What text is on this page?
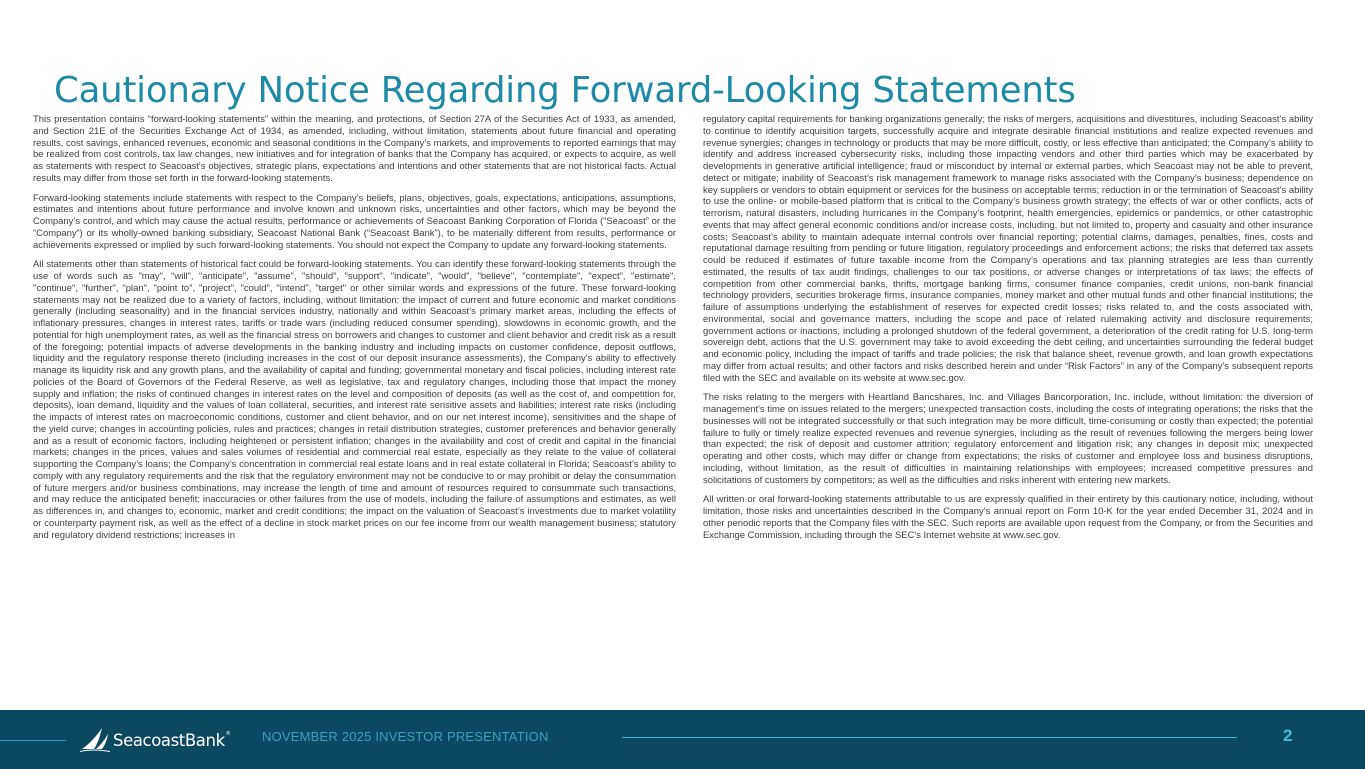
Cautionary Notice Regarding Forward-Looking Statements

This presentation contains “forward-looking statements” within the meaning, and protections, of Section 27A of the Securities Act of 1933, as amended, and Section 21E of the Securities Exchange Act of 1934, as amended, including, without limitation, statements about future financial and operating results, cost savings, enhanced revenues, economic and seasonal conditions in the Company’s markets, and improvements to reported earnings that may be realized from cost controls, tax law changes, new initiatives and for integration of banks that the Company has acquired, or expects to acquire, as well as statements with respect to Seacoast's objectives, strategic plans, expectations and intentions and other statements that are not historical facts. Actual results may differ from those set forth in the forward-looking statements.

Forward-looking statements include statements with respect to the Company’s beliefs, plans, objectives, goals, expectations, anticipations, assumptions, estimates and intentions about future performance and involve known and unknown risks, uncertainties and other factors, which may be beyond the Company’s control, and which may cause the actual results, performance or achievements of Seacoast Banking Corporation of Florida (“Seacoast” or the “Company”) or its wholly-owned banking subsidiary, Seacoast National Bank (“Seacoast Bank”), to be materially different from results, performance or achievements expressed or implied by such forward-looking statements. You should not expect the Company to update any forward-looking statements.

All statements other than statements of historical fact could be forward-looking statements. You can identify these forward-looking statements through the use of words such as "may", "will", "anticipate", "assume", "should", "support", "indicate", "would", "believe", "contemplate", "expect", "estimate", "continue", "further", "plan", "point to", "project", "could", "intend", "target" or other similar words and expressions of the future. These forward-looking statements may not be realized due to a variety of factors, including, without limitation: the impact of current and future economic and market conditions generally (including seasonality) and in the financial services industry, nationally and within Seacoast’s primary market areas, including the effects of inflationary pressures, changes in interest rates, tariffs or trade wars (including reduced consumer spending), slowdowns in economic growth, and the potential for high unemployment rates, as well as the financial stress on borrowers and changes to customer and client behavior and credit risk as a result of the foregoing; potential impacts of adverse developments in the banking industry and including impacts on customer confidence, deposit outflows, liquidity and the regulatory response thereto (including increases in the cost of our deposit insurance assessments), the Company's ability to effectively manage its liquidity risk and any growth plans, and the availability of capital and funding; governmental monetary and fiscal policies, including interest rate policies of the Board of Governors of the Federal Reserve, as well as legislative, tax and regulatory changes, including those that impact the money supply and inflation; the risks of continued changes in interest rates on the level and composition of deposits (as well as the cost of, and competition for, deposits), loan demand, liquidity and the values of loan collateral, securities, and interest rate sensitive assets and liabilities; interest rate risks (including the impacts of interest rates on macroeconomic conditions, customer and client behavior, and on our net interest income), sensitivities and the shape of the yield curve; changes in accounting policies, rules and practices; changes in retail distribution strategies, customer preferences and behavior generally and as a result of economic factors, including heightened or persistent inflation; changes in the availability and cost of credit and capital in the financial markets; changes in the prices, values and sales volumes of residential and commercial real estate, especially as they relate to the value of collateral supporting the Company’s loans; the Company’s concentration in commercial real estate loans and in real estate collateral in Florida; Seacoast’s ability to comply with any regulatory requirements and the risk that the regulatory environment may not be conducive to or may prohibit or delay the consummation of future mergers and/or business combinations, may increase the length of time and amount of resources required to consummate such transactions, and may reduce the anticipated benefit; inaccuracies or other failures from the use of models, including the failure of assumptions and estimates, as well as differences in, and changes to, economic, market and credit conditions; the impact on the valuation of Seacoast’s investments due to market volatility or counterparty payment risk, as well as the effect of a decline in stock market prices on our fee income from our wealth management business; statutory and regulatory dividend restrictions; increases in

regulatory capital requirements for banking organizations generally; the risks of mergers, acquisitions and divestitures, including Seacoast’s ability to continue to identify acquisition targets, successfully acquire and integrate desirable financial institutions and realize expected revenues and revenue synergies; changes in technology or products that may be more difficult, costly, or less effective than anticipated; the Company’s ability to identify and address increased cybersecurity risks, including those impacting vendors and other third parties which may be exacerbated by developments in generative artificial intelligence; fraud or misconduct by internal or external parties, which Seacoast may not be able to prevent, detect or mitigate; inability of Seacoast’s risk management framework to manage risks associated with the Company’s business; dependence on key suppliers or vendors to obtain equipment or services for the business on acceptable terms; reduction in or the termination of Seacoast’s ability to use the online- or mobile-based platform that is critical to the Company’s business growth strategy; the effects of war or other conflicts, acts of terrorism, natural disasters, including hurricanes in the Company’s footprint, health emergencies, epidemics or pandemics, or other catastrophic events that may affect general economic conditions and/or increase costs, including, but not limited to, property and casualty and other insurance costs; Seacoast’s ability to maintain adequate internal controls over financial reporting; potential claims, damages, penalties, fines, costs and reputational damage resulting from pending or future litigation, regulatory proceedings and enforcement actions; the risks that deferred tax assets could be reduced if estimates of future taxable income from the Company’s operations and tax planning strategies are less than currently estimated, the results of tax audit findings, challenges to our tax positions, or adverse changes or interpretations of tax laws; the effects of competition from other commercial banks, thrifts, mortgage banking firms, consumer finance companies, credit unions, non-bank financial technology providers, securities brokerage firms, insurance companies, money market and other mutual funds and other financial institutions; the failure of assumptions underlying the establishment of reserves for expected credit losses; risks related to, and the costs associated with, environmental, social and governance matters, including the scope and pace of related rulemaking activity and disclosure requirements; government actions or inactions, including a prolonged shutdown of the federal government, a deterioration of the credit rating for U.S. long-term sovereign debt, actions that the U.S. government may take to avoid exceeding the debt ceiling, and uncertainties surrounding the federal budget and economic policy, including the impact of tariffs and trade policies; the risk that balance sheet, revenue growth, and loan growth expectations may differ from actual results; and other factors and risks described herein and under “Risk Factors” in any of the Company's subsequent reports filed with the SEC and available on its website at www.sec.gov.

The risks relating to the mergers with Heartland Bancshares, Inc. and Villages Bancorporation, Inc. include, without limitation: the diversion of management's time on issues related to the mergers; unexpected transaction costs, including the costs of integrating operations; the risks that the businesses will not be integrated successfully or that such integration may be more difficult, time-consuming or costly than expected; the potential failure to fully or timely realize expected revenues and revenue synergies, including as the result of revenues following the mergers being lower than expected; the risk of deposit and customer attrition; regulatory enforcement and litigation risk; any changes in deposit mix; unexpected operating and other costs, which may differ or change from expectations; the risks of customer and employee loss and business disruptions, including, without limitation, as the result of difficulties in maintaining relationships with employees; increased competitive pressures and solicitations of customers by competitors; as well as the difficulties and risks inherent with entering new markets.

All written or oral forward-looking statements attributable to us are expressly qualified in their entirety by this cautionary notice, including, without limitation, those risks and uncertainties described in the Company’s annual report on Form 10-K for the year ended December 31, 2024 and in other periodic reports that the Company files with the SEC. Such reports are available upon request from the Company, or from the Securities and Exchange Commission, including through the SEC's Internet website at www.sec.gov.

SeacoastBank® NOVEMBER 2025 INVESTOR PRESENTATION	2
